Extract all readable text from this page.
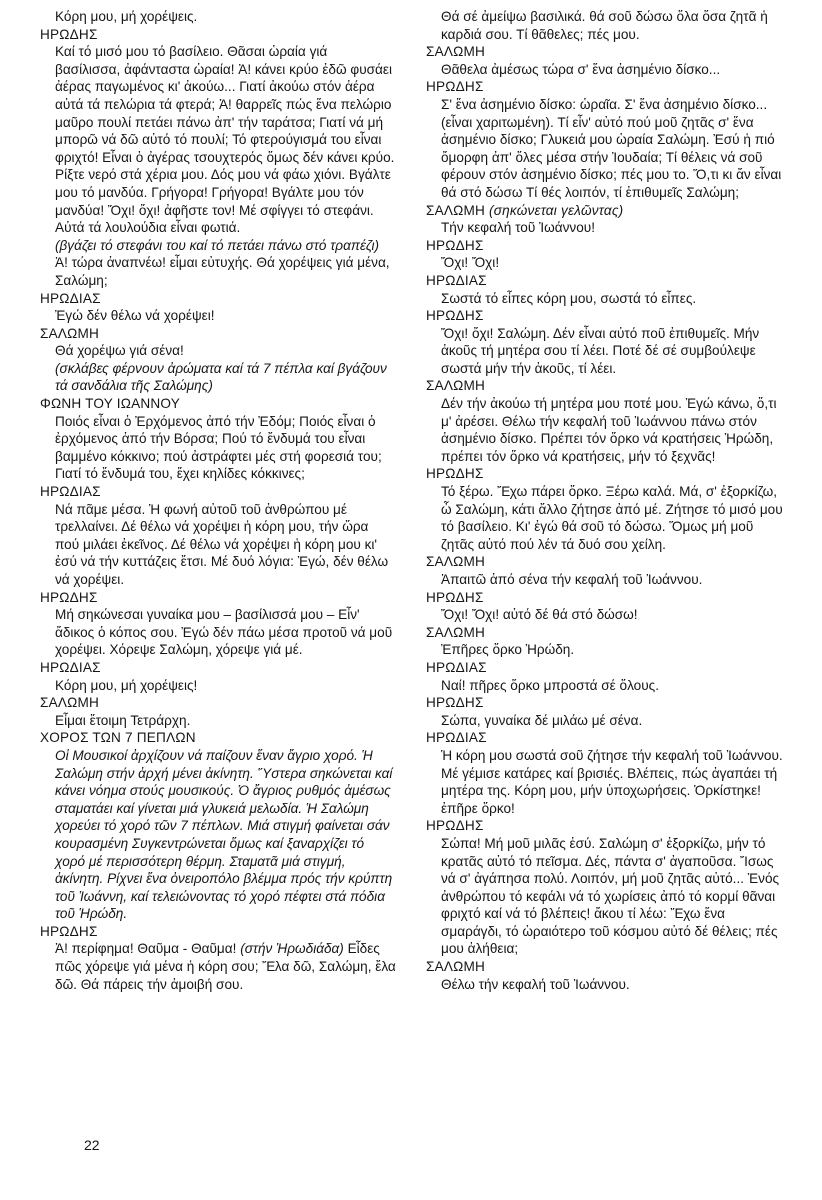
Κόρη μου, μή χορέψεις.

ΗΡΩΔΗΣ

Καί τό μισό μου τό βασίλειο. Θᾶσαι ὡραία γιά βασίλισσα, ἀφάνταστα ὡραία! Ἀ! κάνει κρύο ἐδῶ φυσάει ἀέρας παγωμένος κι' ἀκούω... Γιατί ἀκούω στόν ἀέρα αὐτά τά πελώρια τά φτερά; Ἀ! θαρρεῖς πώς ἕνα πελώριο μαῦρο πουλί πετάει πάνω ἀπ' τήν ταράτσα; Γιατί νά μή μπορῶ νά δῶ αὐτό τό πουλί; Τό φτερούγισμά του εἶναι φριχτό! Εἶναι ὁ ἀγέρας τσουχτερός ὅμως δέν κάνει κρύο. Ρίξτε νερό στά χέρια μου. Δός μου νά φάω χιόνι. Βγάλτε μου τό μανδύα. Γρήγορα! Γρήγορα! Βγάλτε μου τόν μανδύα! Ὄχι! ὄχι! ἀφῆστε τον! Μέ σφίγγει τό στεφάνι. Αὐτά τά λουλούδια εἶναι φωτιά.

(βγάζει τό στεφάνι του καί τό πετάει πάνω στό τραπέζι)

Ἀ! τώρα ἀναπνέω! εἶμαι εὐτυχής. Θά χορέψεις γιά μένα, Σαλώμη;

ΗΡΩΔΙΑΣ

Ἐγώ δέν θέλω νά χορέψει!

ΣΑΛΩΜΗ

Θά χορέψω γιά σένα!

(σκλάβες φέρνουν ἀρώματα καί τά 7 πέπλα καί βγάζουν τά σανδάλια τῆς Σαλώμης)

ΦΩΝΗ ΤΟΥ ΙΩΑΝΝΟΥ

Ποιός εἶναι ὁ Ἐρχόμενος ἀπό τήν Ἐδόμ; Ποιός εἶναι ὁ ἐρχόμενος ἀπό τήν Βόρσα; Πού τό ἔνδυμά του εἶναι βαμμένο κόκκινο; πού ἀστράφτει μές στή φορεσιά του; Γιατί τό ἔνδυμά του, ἔχει κηλίδες κόκκινες;

ΗΡΩΔΙΑΣ

Νά πᾶμε μέσα. Ἡ φωνή αὐτοῦ τοῦ ἀνθρώπου μέ τρελλαίνει. Δέ θέλω νά χορέψει ἡ κόρη μου, τήν ὥρα πού μιλάει ἐκεῖνος. Δέ θέλω νά χορέψει ἡ κόρη μου κι' ἐσύ νά τήν κυττάζεις ἔτσι. Μέ δυό λόγια: Ἐγώ, δέν θέλω νά χορέψει.

ΗΡΩΔΗΣ

Μή σηκώνεσαι γυναίκα μου – βασίλισσά μου – Εἶν' ἄδικος ὁ κόπος σου. Ἐγώ δέν πάω μέσα προτοῦ νά μοῦ χορέψει. Χόρεψε Σαλώμη, χόρεψε γιά μέ.

ΗΡΩΔΙΑΣ

Κόρη μου, μή χορέψεις!

ΣΑΛΩΜΗ

Εἶμαι ἕτοιμη Τετράρχη.

ΧΟΡΟΣ ΤΩΝ 7 ΠΕΠΛΩΝ

Οἱ Μουσικοί ἀρχίζουν νά παίζουν ἕναν ἄγριο χορό. Ἡ Σαλώμη στήν ἀρχή μένει ἀκίνητη. Ὕστερα σηκώνεται καί κάνει νόημα στούς μουσικούς. Ὁ ἄγριος ρυθμός ἀμέσως σταματάει καί γίνεται μιά γλυκειά μελωδία. Ἡ Σαλώμη χορεύει τό χορό τῶν 7 πέπλων. Μιά στιγμή φαίνεται σάν κουρασμένη Συγκεντρώνεται ὅμως καί ξαναρχίζει τό χορό μέ περισσότερη θέρμη. Σταματᾶ μιά στιγμή, ἀκίνητη. Ρίχνει ἕνα ὀνειροπόλο βλέμμα πρός τήν κρύπτη τοῦ Ἰωάννη, καί τελειώνοντας τό χορό πέφτει στά πόδια τοῦ Ἡρώδη.

ΗΡΩΔΗΣ

Ἀ! περίφημα! Θαῦμα - Θαῦμα! (στήν Ἡρωδιάδα) Εἶδες πῶς χόρεψε γιά μένα ἡ κόρη σου; Ἔλα δῶ, Σαλώμη, ἔλα δῶ. Θά πάρεις τήν ἀμοιβή σου.

Θά σέ ἀμείψω βασιλικά. θά σοῦ δώσω ὅλα ὅσα ζητᾶ ἡ καρδιά σου. Τί θᾶθελες; πές μου.

ΣΑΛΩΜΗ

Θᾶθελα ἀμέσως τώρα σ' ἕνα ἀσημένιο δίσκο...

ΗΡΩΔΗΣ

Σ' ἕνα ἀσημένιο δίσκο: ὡραῖα. Σ' ἕνα ἀσημένιο δίσκο... (εἶναι χαριτωμένη). Τί εἶν' αὐτό πού μοῦ ζητᾶς σ' ἕνα ἀσημένιο δίσκο; Γλυκειά μου ὡραία Σαλώμη. Ἐσύ ἡ πιό ὄμορφη ἀπ' ὅλες μέσα στήν Ἰουδαία; Τί θέλεις νά σοῦ φέρουν στόν ἀσημένιο δίσκο; πές μου το. Ὅ,τι κι ἄν εἶναι θά στό δώσω Τί θές λοιπόν, τί ἐπιθυμεῖς Σαλώμη;

ΣΑΛΩΜΗ (σηκώνεται γελῶντας)

Τήν κεφαλή τοῦ Ἰωάννου!

ΗΡΩΔΗΣ

Ὄχι! Ὄχι!

ΗΡΩΔΙΑΣ

Σωστά τό εἶπες κόρη μου, σωστά τό εἶπες.

ΗΡΩΔΗΣ

Ὄχι! ὄχι! Σαλώμη. Δέν εἶναι αὐτό ποῦ ἐπιθυμεῖς. Μήν ἀκοῦς τή μητέρα σου τί λέει. Ποτέ δέ σέ συμβούλεψε σωστά μήν τήν ἀκοῦς, τί λέει.

ΣΑΛΩΜΗ

Δέν τήν ἀκούω τή μητέρα μου ποτέ μου. Ἐγώ κάνω, ὅ,τι μ' ἀρέσει. Θέλω τήν κεφαλή τοῦ Ἰωάννου πάνω στόν ἀσημένιο δίσκο. Πρέπει τόν ὅρκο νά κρατήσεις Ἡρώδη, πρέπει τόν ὅρκο νά κρατήσεις, μήν τό ξεχνᾶς!

ΗΡΩΔΗΣ

Τό ξέρω. Ἔχω πάρει ὅρκο. Ξέρω καλά. Μά, σ' ἐξορκίζω, ὦ Σαλώμη, κάτι ἄλλο ζήτησε ἀπό μέ. Ζήτησε τό μισό μου τό βασίλειο. Κι' ἐγώ θά σοῦ τό δώσω. Ὅμως μή μοῦ ζητᾶς αὐτό πού λέν τά δυό σου χείλη.

ΣΑΛΩΜΗ

Ἀπαιτῶ ἀπό σένα τήν κεφαλή τοῦ Ἰωάννου.

ΗΡΩΔΗΣ

Ὄχι! Ὄχι! αὐτό δέ θά στό δώσω!

ΣΑΛΩΜΗ

Ἐπῆρες ὅρκο Ἡρώδη.

ΗΡΩΔΙΑΣ

Ναί! πῆρες ὅρκο μπροστά σέ ὅλους.

ΗΡΩΔΗΣ

Σώπα, γυναίκα δέ μιλάω μέ σένα.

ΗΡΩΔΙΑΣ

Ἡ κόρη μου σωστά σοῦ ζήτησε τήν κεφαλή τοῦ Ἰωάννου. Μέ γέμισε κατάρες καί βρισιές. Βλέπεις, πώς ἀγαπάει τή μητέρα της. Κόρη μου, μήν ὑποχωρήσεις. Ὁρκίστηκε! ἐπῆρε ὅρκο!

ΗΡΩΔΗΣ

Σώπα! Μή μοῦ μιλᾶς ἐσύ. Σαλώμη σ' ἐξορκίζω, μήν τό κρατᾶς αὐτό τό πεῖσμα. Δές, πάντα σ' ἀγαποῦσα. Ἴσως νά σ' ἀγάπησα πολύ. Λοιπόν, μή μοῦ ζητᾶς αὐτό... Ἑνός ἀνθρώπου τό κεφάλι νά τό χωρίσεις ἀπό τό κορμί θᾶναι φριχτό καί νά τό βλέπεις! ἄκου τί λέω: Ἔχω ἕνα σμαράγδι, τό ὡραιότερο τοῦ κόσμου αὐτό δέ θέλεις; πές μου ἀλήθεια;

ΣΑΛΩΜΗ

Θέλω τήν κεφαλή τοῦ Ἰωάννου.

22
